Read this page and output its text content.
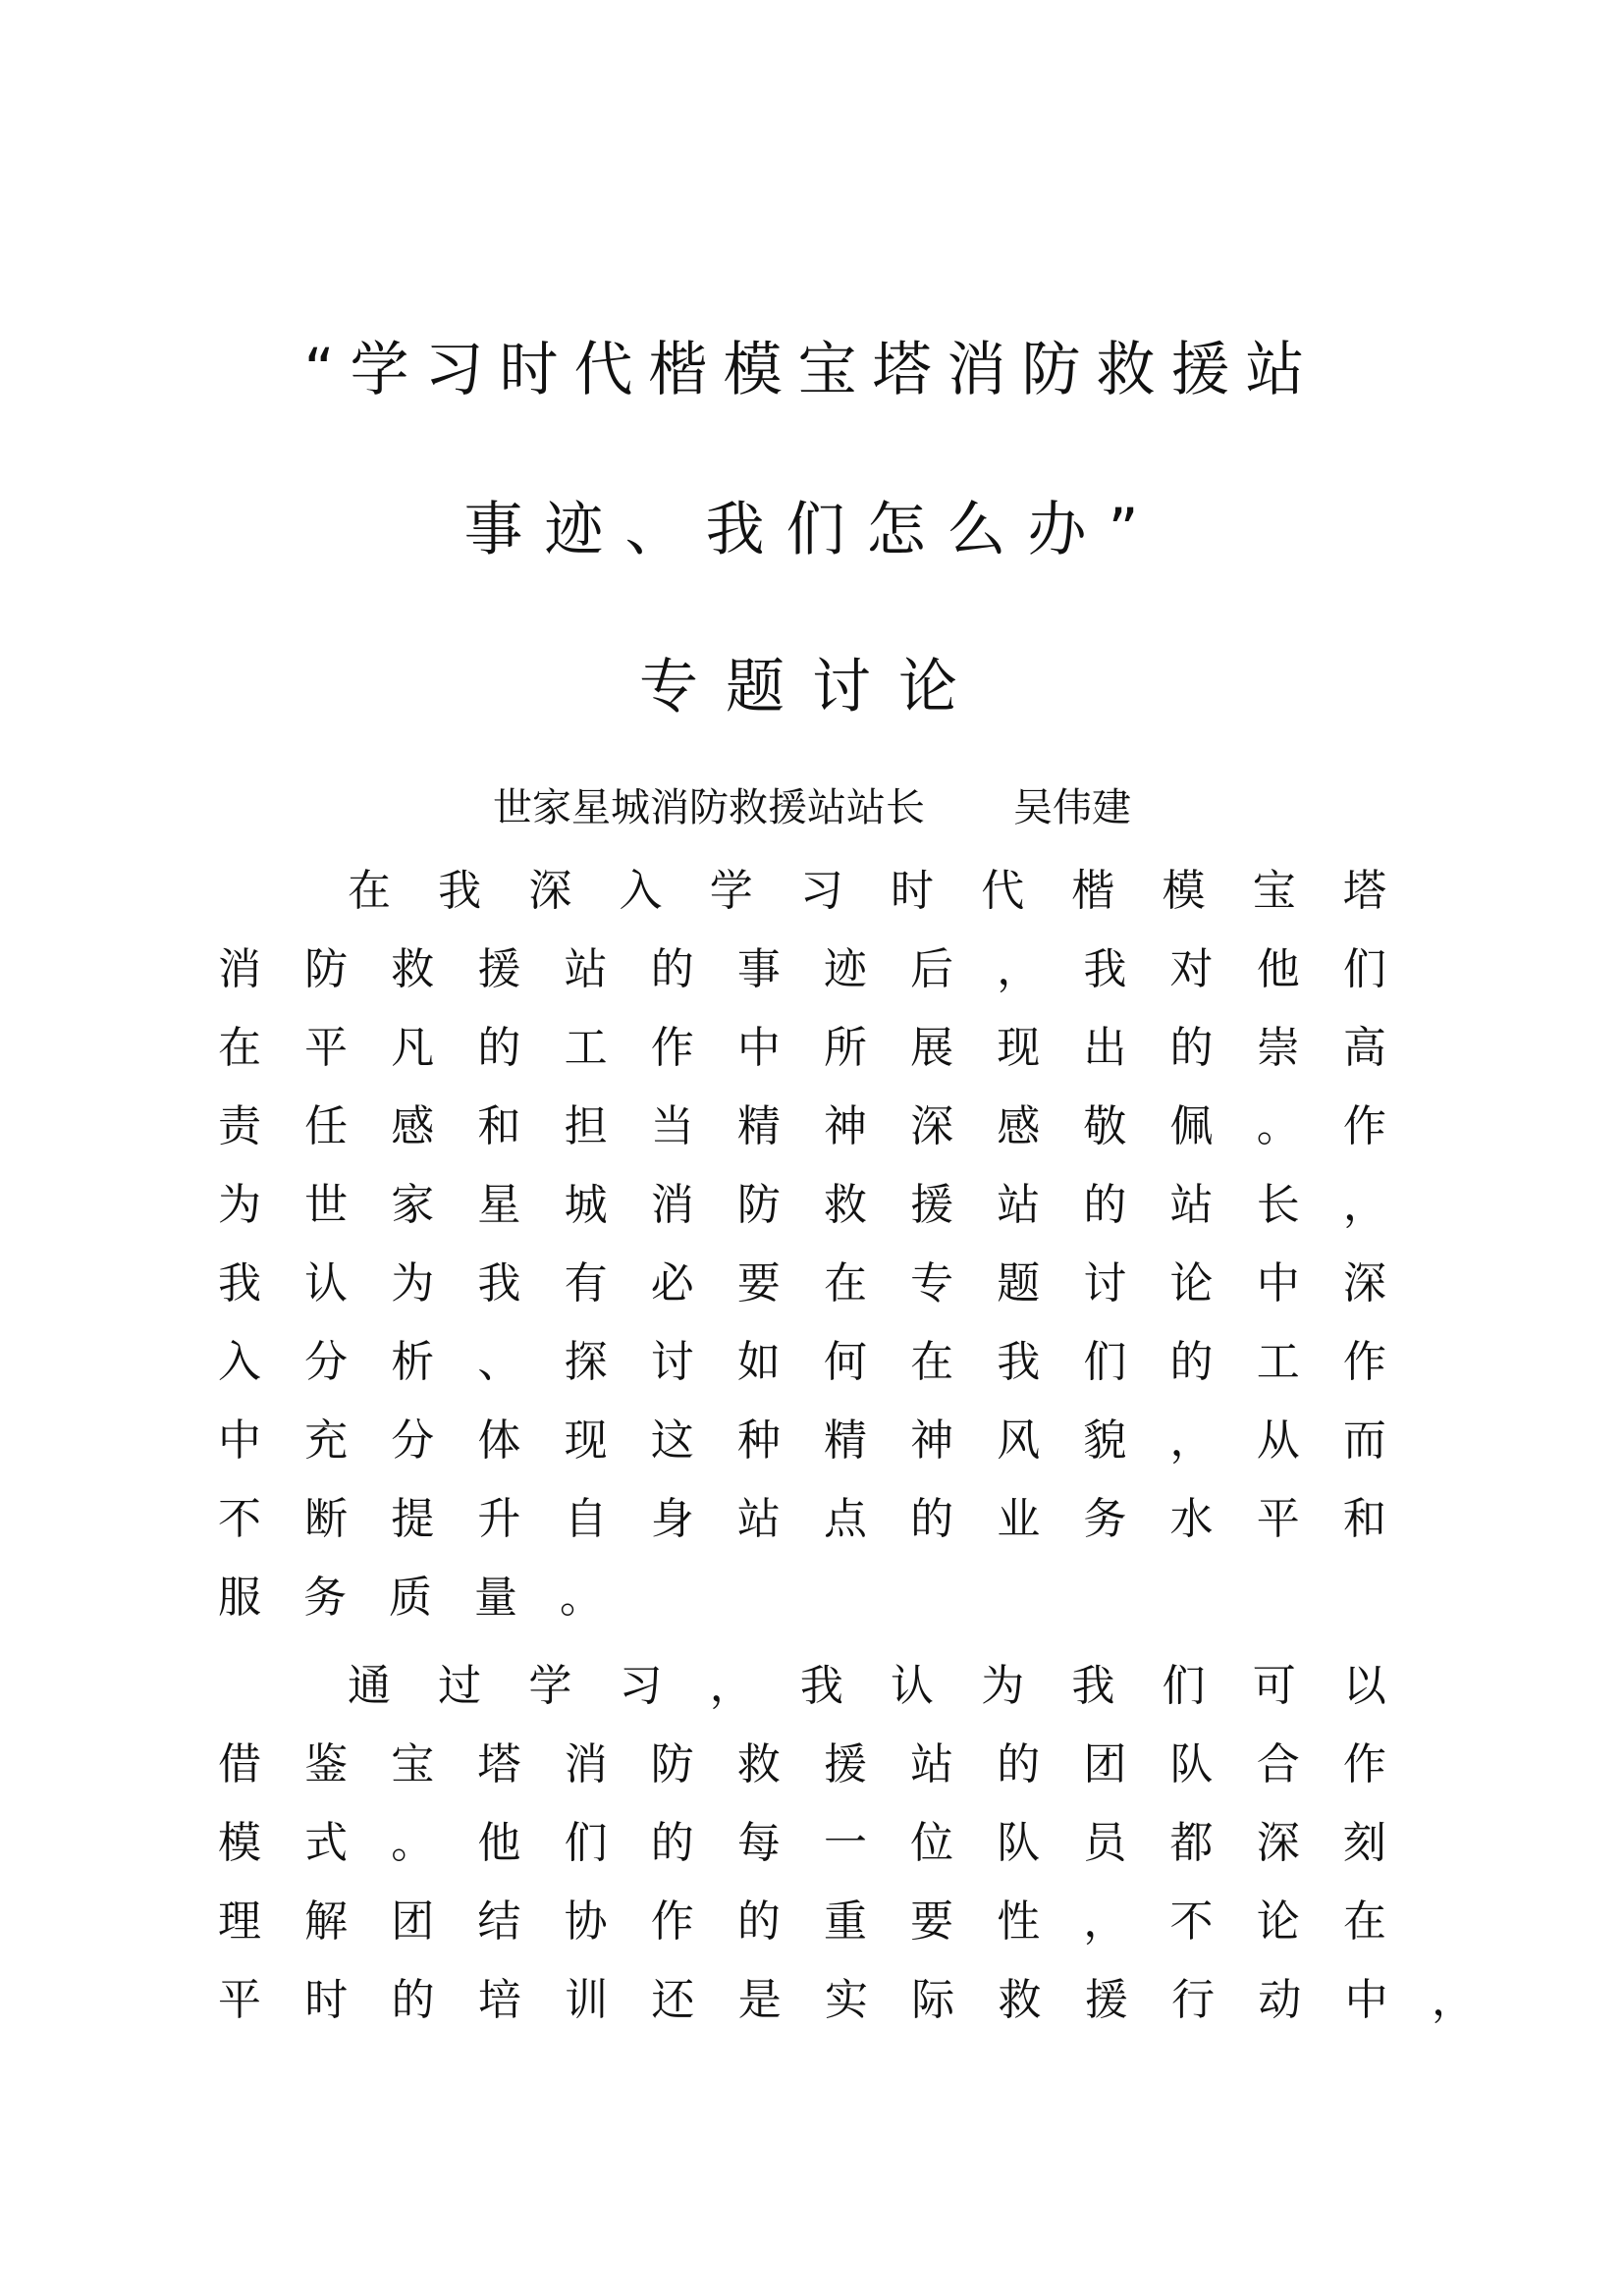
“学习时代楷模宝塔消防救援站
事迹、我们怎么办”
专题讨论
世家星城消防救援站站长 吴伟建
在 我 深 入 学 习 时 代 楷 模 宝 塔
消 防 救 援 站 的 事 迹 后 ， 我 对 他 们
在 平 凡 的 工 作 中 所 展 现 出 的 崇 高
责 任 感 和 担 当 精 神 深 感 敬 佩 。 作
为 世 家 星 城 消 防 救 援 站 的 站 长 ，
我 认 为 我 有 必 要 在 专 题 讨 论 中 深
入 分 析 、 探 讨 如 何 在 我 们 的 工 作
中 充 分 体 现 这 种 精 神 风 貌 ， 从 而
不 断 提 升 自 身 站 点 的 业 务 水 平 和
服 务 质 量 。
通 过 学 习 ， 我 认 为 我 们 可 以
借 鉴 宝 塔 消 防 救 援 站 的 团 队 合 作
模 式 。 他 们 的 每 一 位 队 员 都 深 刻
理 解 团 结 协 作 的 重 要 性 ， 不 论 在
平 时 的 培 训 还 是 实 际 救 援 行 动 中 ，
